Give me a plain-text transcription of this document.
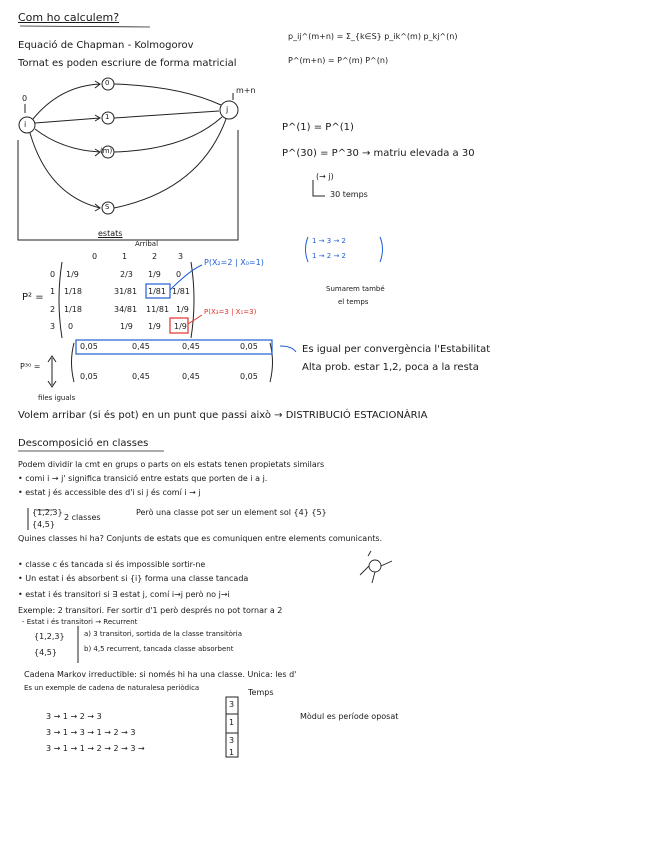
Com ho calculem?
Equació de Chapman - Kolmogorov
Tornat es poden escriure de forma matricial
p_ij^(m+n) = Σ_{k∈S} p_ik^(m) p_kj^(n)
P^(m+n) = P^(m) P^(n)
0
m+n
i
j
0
1
(m)
S
estats
P^(1) = P^(1)
P^(30) = P^30 → matriu elevada a 30
(→ j)
30 temps
Arribal
P² =
0	1	2	3
0 1/9	2/3 1/9 0
1 1/18	31/81 1/81 1/81
2 1/18	34/81 11/81 1/9
3 0	1/9 1/9 1/9
P(X₂=2 | X₀=1)
P(X₃=3 | X₁=3)
1 → 3 → 2
1 → 2 → 2
Sumarem també
el temps
P³⁰ =
0,05	0,45	0,45	0,05
0,05	0,45	0,45	0,05
files iguals
Es igual per convergència l'Estabilitat
Alta prob. estar 1,2, poca a la resta
Volem arribar (si és pot) en un punt que passi això → DISTRIBUCIÓ ESTACIONÀRIA
Descomposició en classes
Podem dividir la cmt en grups o parts on els estats tenen propietats similars
• comi i → j' significa transició entre estats que porten de i a j.
• estat j és accessible des d'i si j és comí i → j
{1,2,3}
{4,5}
2 classes
Però una classe pot ser un element sol {4} {5}
Quines classes hi ha? Conjunts de estats que es comuniquen entre elements comunicants.
• classe c és tancada si és impossible sortir-ne
• Un estat i és absorbent si {i} forma una classe tancada
• estat i és transitori si ∃ estat j, comí i→j però no j→i
Exemple: 2 transitori. Fer sortir d'1 però després no pot tornar a 2
- Estat i és transitori → Recurrent
{1,2,3}
{4,5}
a) 3 transitori, sortida de la classe transitòria
b) 4,5 recurrent, tancada classe absorbent
Cadena Markov irreductible: si només hi ha una classe. Unica: les d'
Es un exemple de cadena de naturalesa periòdica	Temps
3 → 1 → 2 → 3
3 → 1 → 3 → 1 → 2 → 3
3 → 1 → 1 → 2 → 2 → 3 →
3
1
3
1
Mòdul es període oposat
